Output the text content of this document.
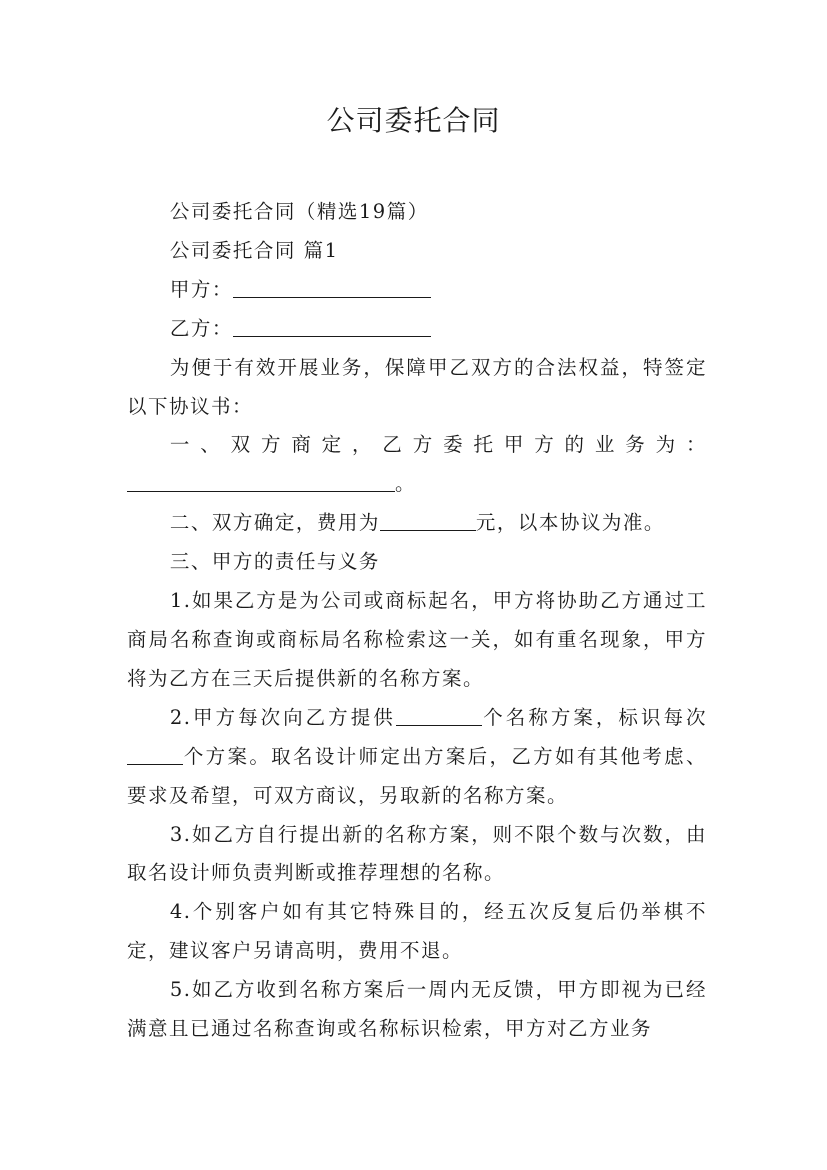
公司委托合同

公司委托合同（精选19篇）

公司委托合同 篇1

甲方：

乙方：

为便于有效开展业务，保障甲乙双方的合法权益，特签定以下协议书：

一、双方商定，乙方委托甲方的业务为：

。

二、双方确定，费用为	元，以本协议为准。

三、甲方的责任与义务

1.如果乙方是为公司或商标起名，甲方将协助乙方通过工商局名称查询或商标局名称检索这一关，如有重名现象，甲方将为乙方在三天后提供新的名称方案。

2.甲方每次向乙方提供	个名称方案，标识每次个方案。取名设计师定出方案后，乙方如有其他考虑、要求及希望，可双方商议，另取新的名称方案。

3.如乙方自行提出新的名称方案，则不限个数与次数，由取名设计师负责判断或推荐理想的名称。

4.个别客户如有其它特殊目的，经五次反复后仍举棋不定，建议客户另请高明，费用不退。

5.如乙方收到名称方案后一周内无反馈，甲方即视为已经满意且已通过名称查询或名称标识检索，甲方对乙方业务
